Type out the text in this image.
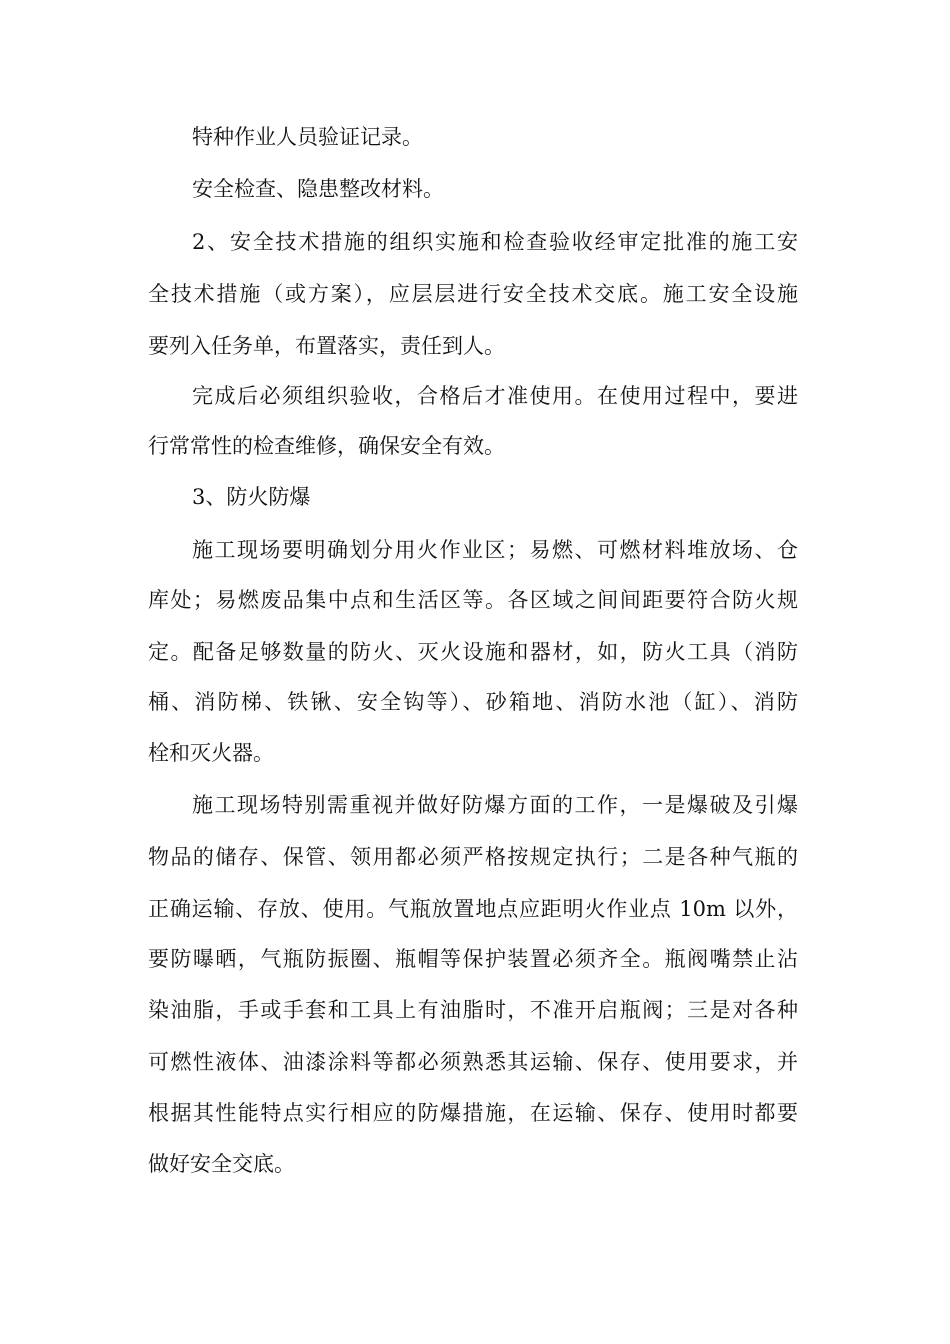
特种作业人员验证记录。
安全检查、隐患整改材料。
2、安全技术措施的组织实施和检查验收经审定批准的施工安
全技术措施（或方案），应层层进行安全技术交底。施工安全设施
要列入任务单，布置落实，责任到人。
完成后必须组织验收，合格后才准使用。在使用过程中，要进
行常常性的检查维修，确保安全有效。
3、防火防爆
施工现场要明确划分用火作业区；易燃、可燃材料堆放场、仓
库处；易燃废品集中点和生活区等。各区域之间间距要符合防火规
定。配备足够数量的防火、灭火设施和器材，如，防火工具（消防
桶、消防梯、铁锹、安全钩等）、砂箱地、消防水池（缸）、消防
栓和灭火器。
施工现场特别需重视并做好防爆方面的工作，一是爆破及引爆
物品的储存、保管、领用都必须严格按规定执行；二是各种气瓶的
正确运输、存放、使用。气瓶放置地点应距明火作业点 10m 以外，
要防曝晒，气瓶防振圈、瓶帽等保护装置必须齐全。瓶阀嘴禁止沾
染油脂，手或手套和工具上有油脂时，不准开启瓶阀；三是对各种
可燃性液体、油漆涂料等都必须熟悉其运输、保存、使用要求，并
根据其性能特点实行相应的防爆措施，在运输、保存、使用时都要
做好安全交底。
